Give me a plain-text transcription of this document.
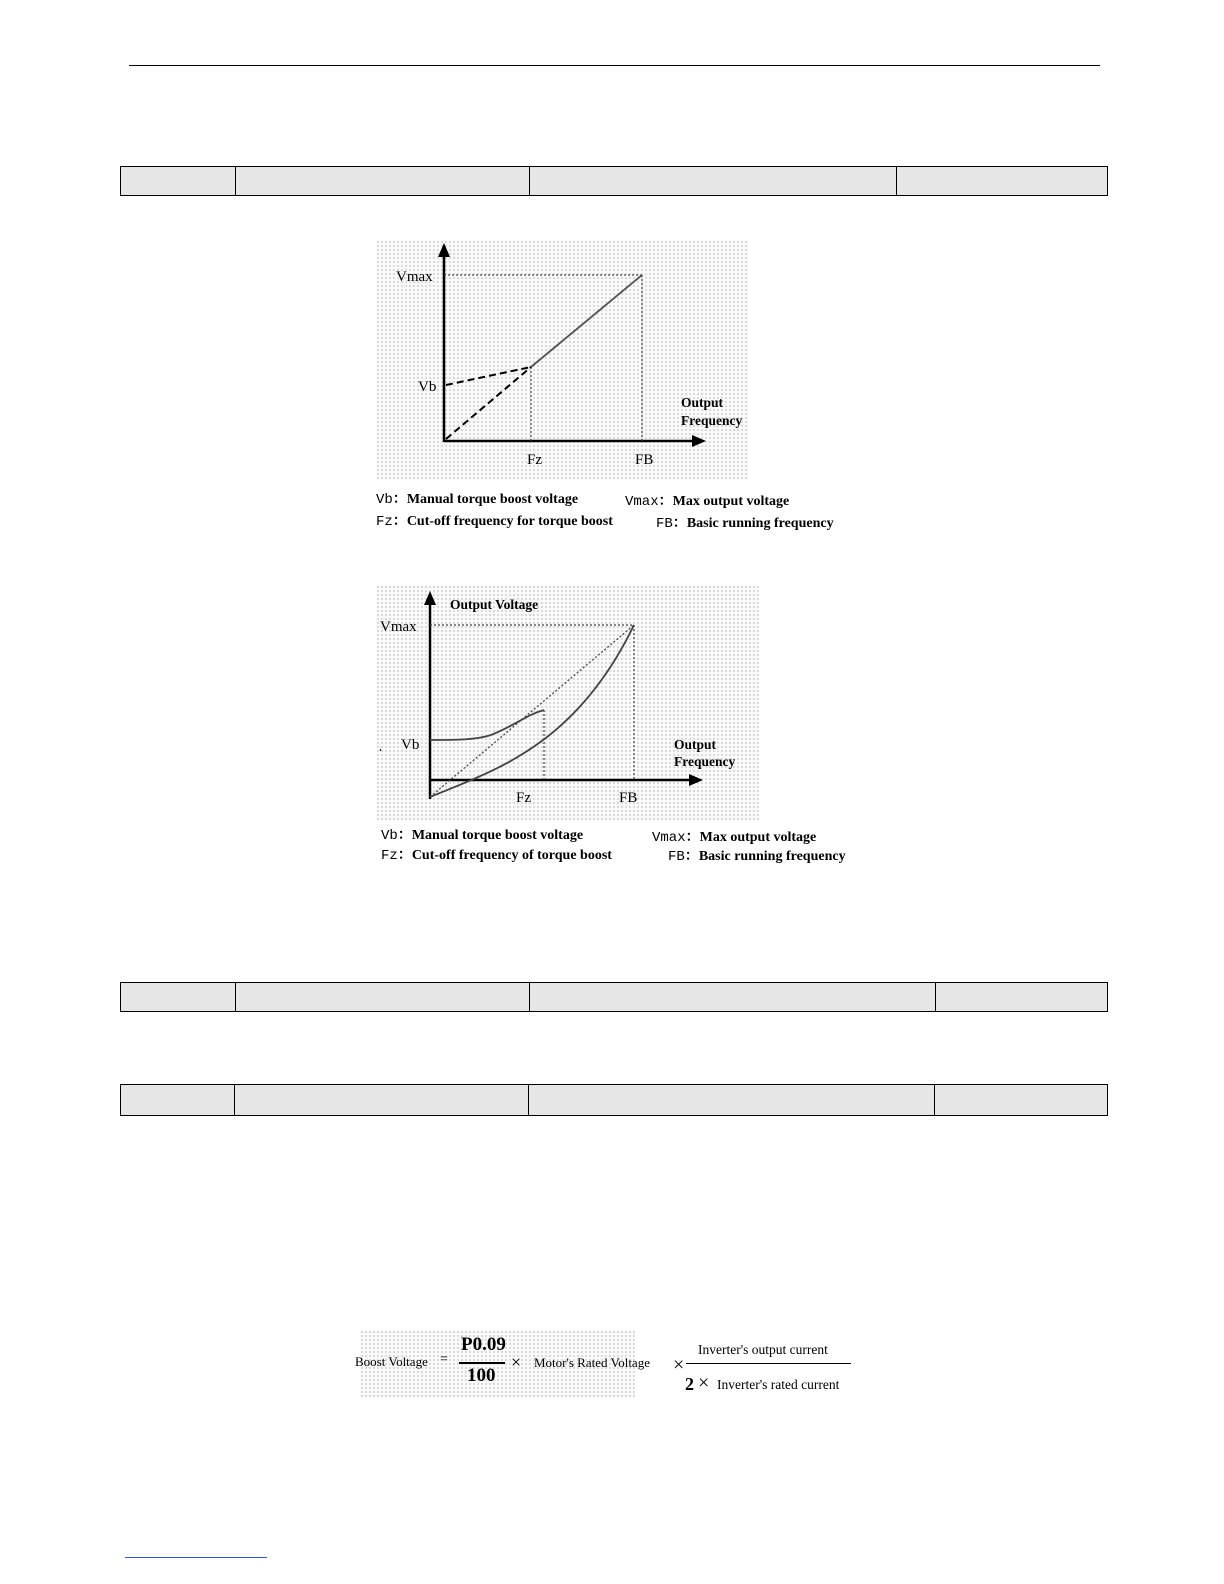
Vmax
Vb
Fz	FB
Output
Frequency
Vb：Manual torque boost voltage	Vmax：Max output voltage
Fz：Cut-off frequency for torque boost	FB：Basic running frequency
Vmax
Vb
Fz	FB
Output Voltage
Output
Frequency
Vb：Manual torque boost voltage	Vmax：Max output voltage
Fz：Cut-off frequency of torque boost	FB：Basic running frequency

Boost Voltage =
P0.09
100
× Motor's Rated Voltage ×
Inverter's output current
2 × Inverter's rated current
